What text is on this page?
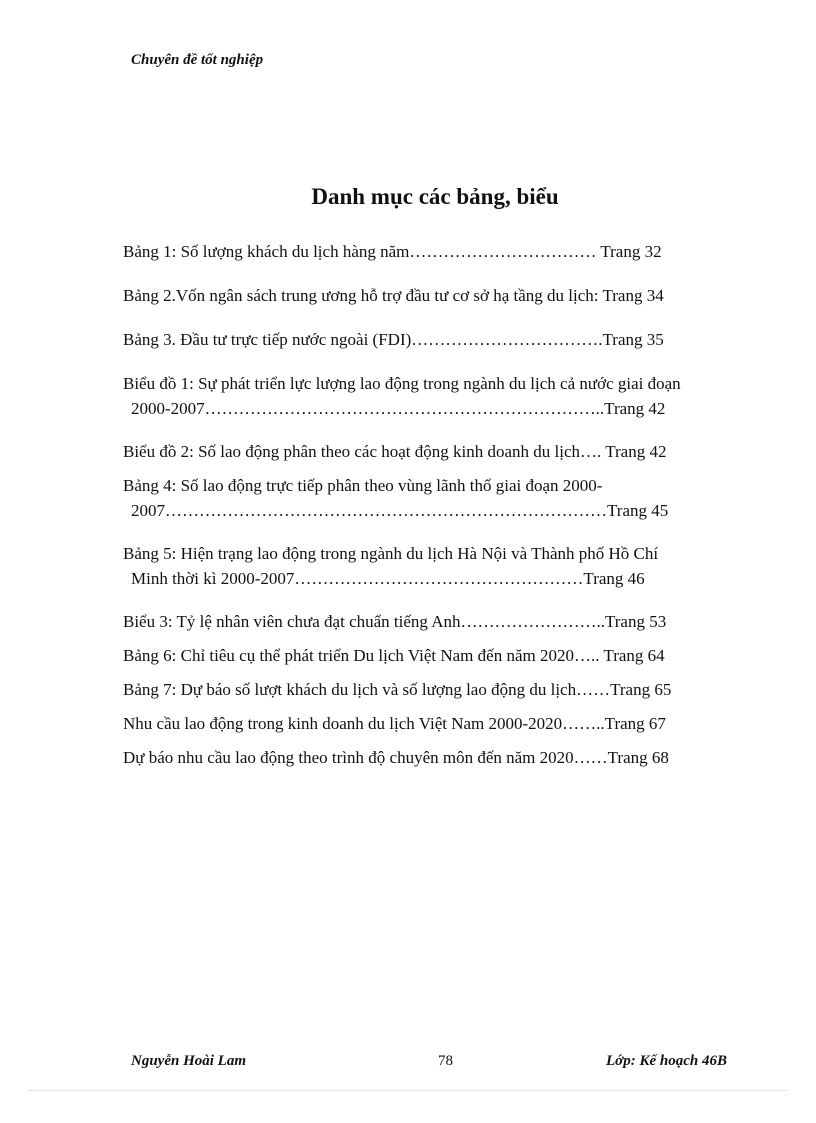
Chuyên đề tốt nghiệp
Danh mục các bảng, biểu
Bảng 1: Số lượng khách du lịch hàng năm…………………………… Trang 32
Bảng 2.Vốn ngân sách trung ương hỗ trợ đầu tư cơ sở hạ tầng du lịch: Trang 34
Bảng 3. Đầu tư trực tiếp nước ngoài (FDI)…………………………….Trang 35
Biểu đồ 1: Sự phát triển lực lượng lao động trong ngành du lịch cả nước giai đoạn
2000-2007……………………………………………………………..Trang 42
Biểu đồ 2: Số lao động phân theo các hoạt động kinh doanh du lịch…. Trang 42
Bảng 4: Số lao động trực tiếp phân theo vùng lãnh thổ giai đoạn 2000-
2007……………………………………………………………………Trang 45
Bảng 5: Hiện trạng lao động trong ngành du lịch Hà Nội và Thành phố Hồ Chí
Minh thời kì 2000-2007……………………………………………Trang 46
Biểu 3: Tỷ lệ nhân viên chưa đạt chuẩn tiếng Anh……………………..Trang 53
Bảng 6: Chỉ tiêu cụ thể phát triển Du lịch Việt Nam đến năm 2020….. Trang 64
Bảng 7: Dự báo số lượt khách du lịch và số lượng lao động du lịch……Trang 65
Nhu cầu lao động trong kinh doanh du lịch Việt Nam 2000-2020……..Trang 67
Dự báo nhu cầu lao động theo trình độ chuyên môn đến năm 2020……Trang 68
Nguyễn Hoài Lam	78	Lớp: Kế hoạch 46B
